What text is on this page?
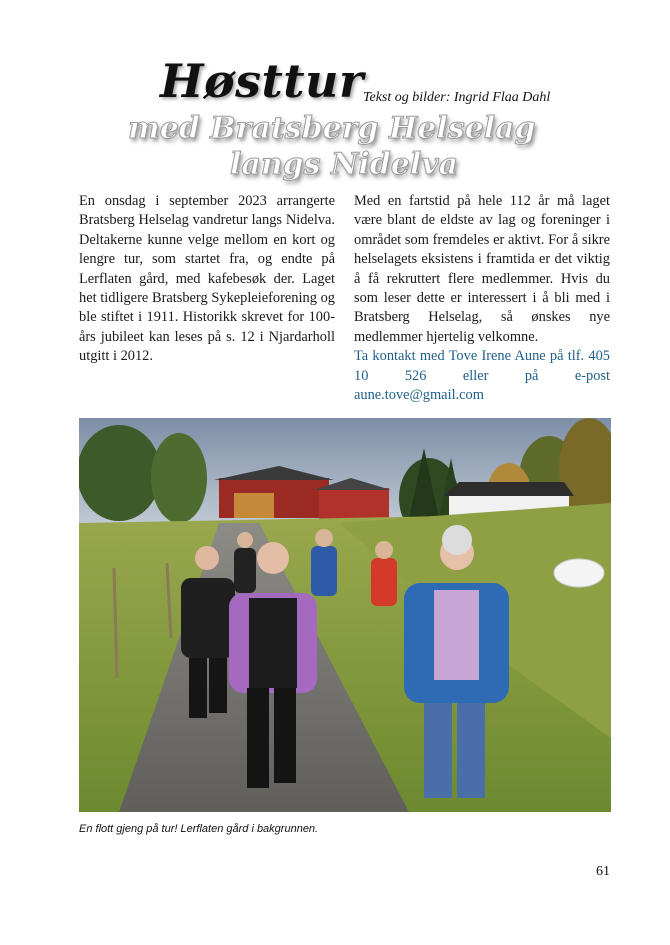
Høsttur Tekst og bilder: Ingrid Flaa Dahl
med Bratsberg Helselag
langs Nidelva

En onsdag i september 2023 arrangerte Bratsberg Helselag vandretur langs Nidelva. Deltakerne kunne velge mellom en kort og lengre tur, som startet fra, og endte på Lerflaten gård, med kafebesøk der. Laget het tidligere Bratsberg Sykepleieforening og ble stiftet i 1911. Historikk skrevet for 100-års jubileet kan leses på s. 12 i Njardarholl utgitt i 2012.

Med en fartstid på hele 112 år må laget være blant de eldste av lag og foreninger i området som fremdeles er aktivt. For å sikre helselagets eksistens i framtida er det viktig å få rekruttert flere medlemmer. Hvis du som leser dette er interessert i å bli med i Bratsberg Helselag, så ønskes nye medlemmer hjertelig velkomne.

Ta kontakt med Tove Irene Aune på tlf. 405 10 526 eller på e-post aune.tove@gmail.com

En flott gjeng på tur! Lerflaten gård i bakgrunnen.
61
